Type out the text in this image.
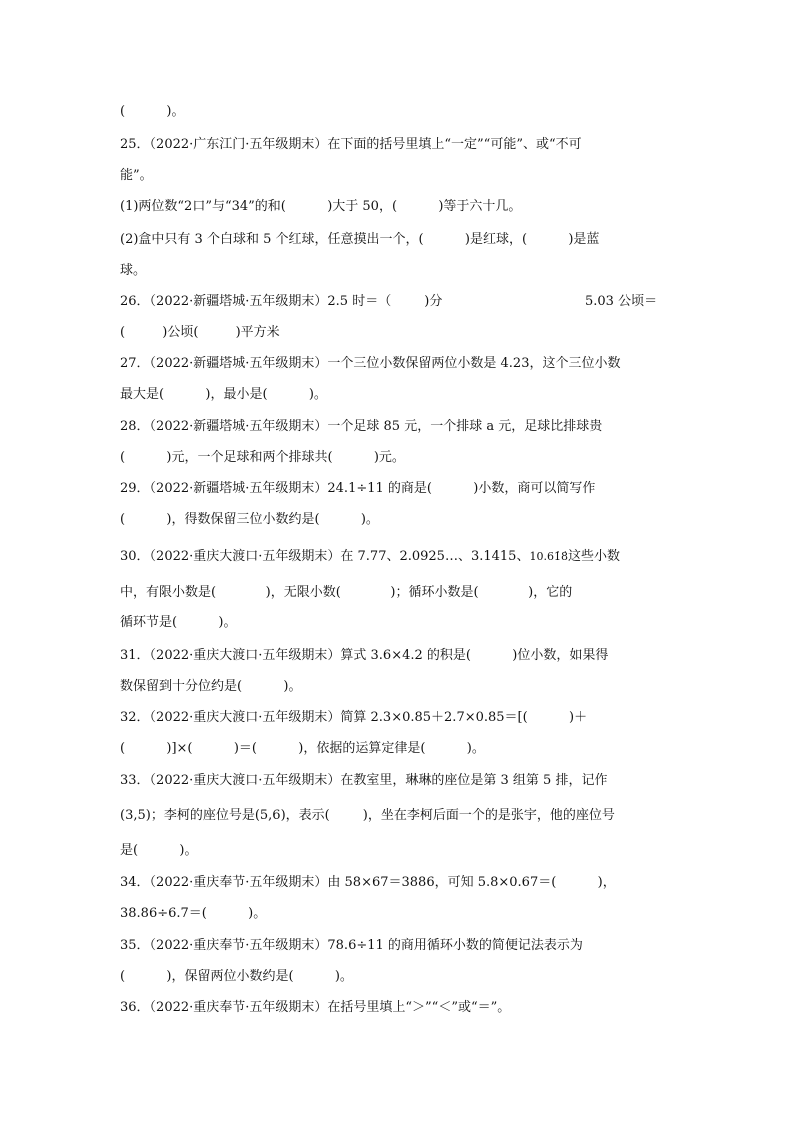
(          )。
25．（2022·广东江门·五年级期末）在下面的括号里填上“一定”“可能”、或“不可
能”。
(1)两位数“2口”与“34”的和(          )大于 50，(          )等于六十几。
(2)盒中只有 3 个白球和 5 个红球，任意摸出一个，(          )是红球，(          )是蓝
球。
26．（2022·新疆塔城·五年级期末）2.5 时＝（        )分	5.03 公顷＝
(         )公顷(         )平方米
27．（2022·新疆塔城·五年级期末）一个三位小数保留两位小数是 4.23，这个三位小数
最大是(          )，最小是(          )。
28．（2022·新疆塔城·五年级期末）一个足球 85 元，一个排球 a 元，足球比排球贵
(          )元，一个足球和两个排球共(          )元。
29．（2022·新疆塔城·五年级期末）24.1÷11 的商是(          )小数，商可以简写作
(          )，得数保留三位小数约是(          )。
30．（2022·重庆大渡口·五年级期末）在 7.77、2.0925…、3.1415、10.61̇8̇这些小数
中，有限小数是(            )，无限小数(            )；循环小数是(            )，它的
循环节是(          )。
31．（2022·重庆大渡口·五年级期末）算式 3.6×4.2 的积是(          )位小数，如果得
数保留到十分位约是(          )。
32．（2022·重庆大渡口·五年级期末）简算 2.3×0.85＋2.7×0.85＝[(          )＋
(          )]×(          )＝(          )，依据的运算定律是(          )。
33．（2022·重庆大渡口·五年级期末）在教室里，琳琳的座位是第 3 组第 5 排，记作
(3,5)；李柯的座位号是(5,6)，表示(        )，坐在李柯后面一个的是张宇，他的座位号
是(          )。
34．（2022·重庆奉节·五年级期末）由 58×67＝3886，可知 5.8×0.67＝(          )，
38.86÷6.7＝(          )。
35．（2022·重庆奉节·五年级期末）78.6÷11 的商用循环小数的简便记法表示为
(          )，保留两位小数约是(          )。
36．（2022·重庆奉节·五年级期末）在括号里填上“＞”“＜”或“＝”。
